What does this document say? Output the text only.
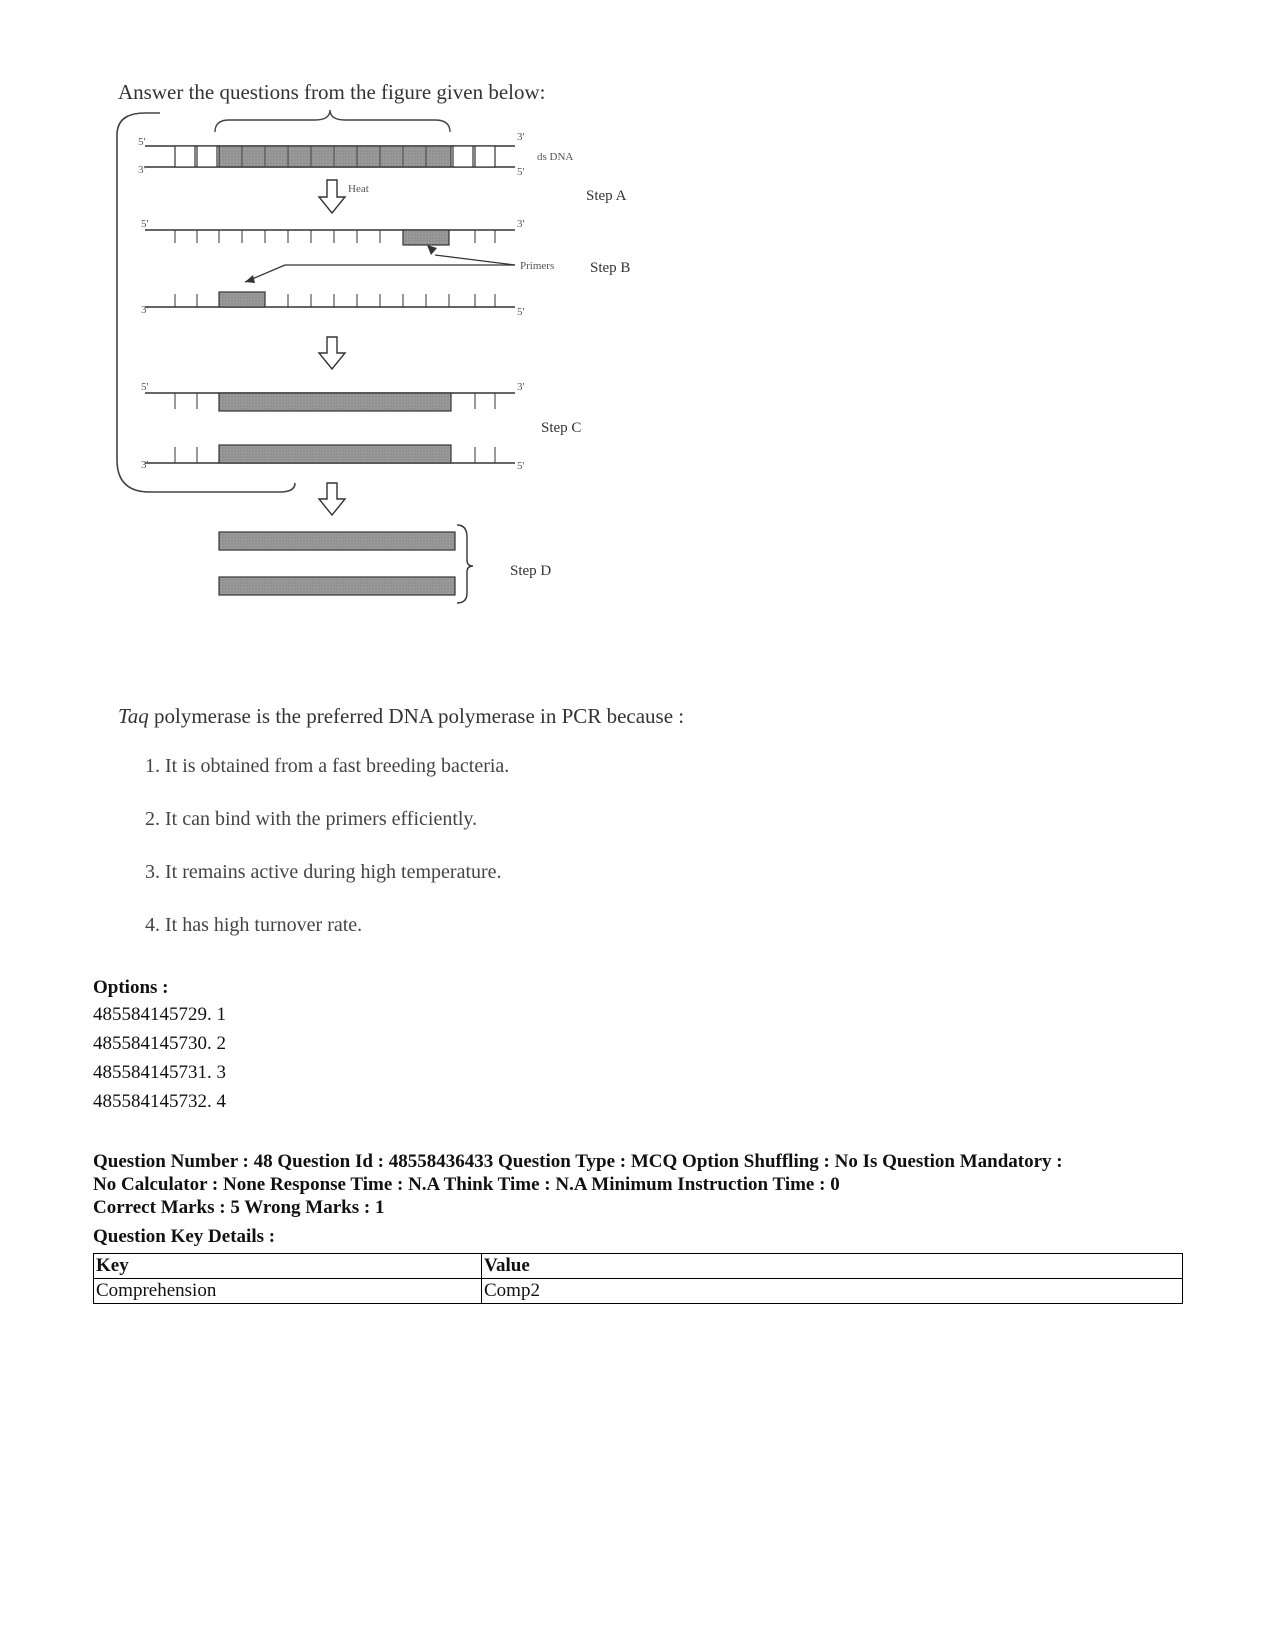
Answer the questions from the figure given below:
5'
3'
3'
5'
ds DNA
Heat	Step A
5'	3'
3'	5'
Primers Step B
5'	3'
3'	5'
Step C
Step D
Taq polymerase is the preferred DNA polymerase in PCR because :
1. It is obtained from a fast breeding bacteria.
2. It can bind with the primers efficiently.
3. It remains active during high temperature.
4. It has high turnover rate.
Options :
485584145729. 1
485584145730. 2
485584145731. 3
485584145732. 4
Question Number : 48 Question Id : 48558436433 Question Type : MCQ Option Shuffling : No Is Question Mandatory :
No Calculator : None Response Time : N.A Think Time : N.A Minimum Instruction Time : 0
Correct Marks : 5 Wrong Marks : 1
Question Key Details :
Key	Value
Comprehension	Comp2
